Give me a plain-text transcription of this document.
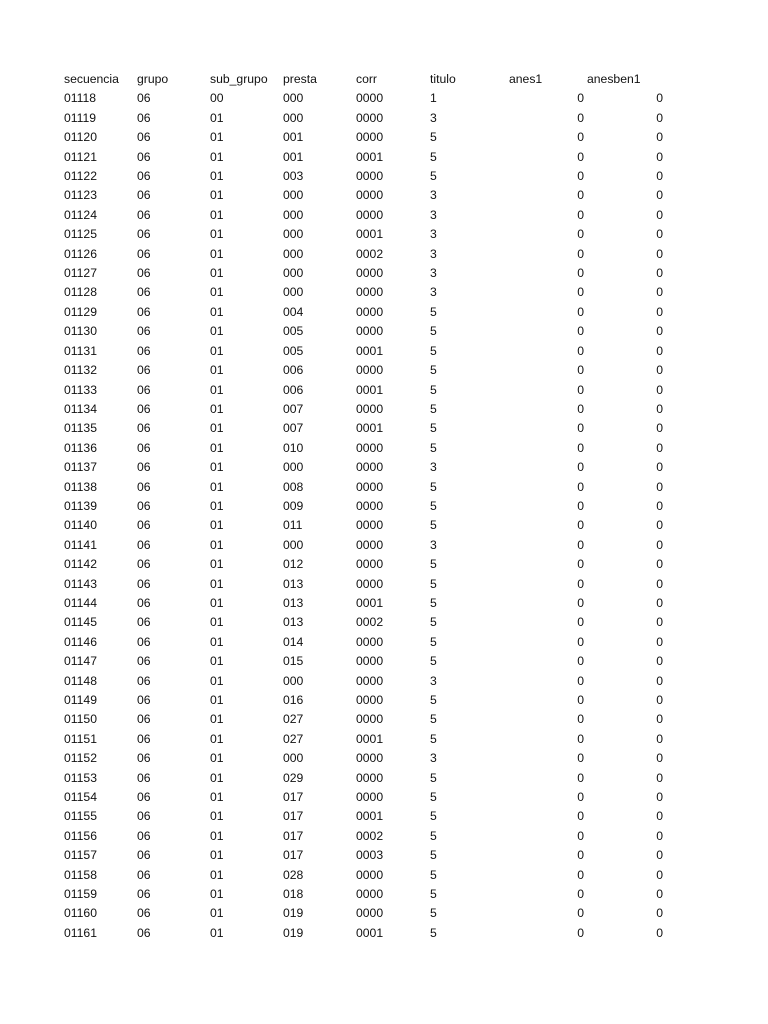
secuencia	grupo	sub_grupo	presta	corr	titulo	anes1	anesben1
01118	06	00	000	0000	1	0	0
01119	06	01	000	0000	3	0	0
01120	06	01	001	0000	5	0	0
01121	06	01	001	0001	5	0	0
01122	06	01	003	0000	5	0	0
01123	06	01	000	0000	3	0	0
01124	06	01	000	0000	3	0	0
01125	06	01	000	0001	3	0	0
01126	06	01	000	0002	3	0	0
01127	06	01	000	0000	3	0	0
01128	06	01	000	0000	3	0	0
01129	06	01	004	0000	5	0	0
01130	06	01	005	0000	5	0	0
01131	06	01	005	0001	5	0	0
01132	06	01	006	0000	5	0	0
01133	06	01	006	0001	5	0	0
01134	06	01	007	0000	5	0	0
01135	06	01	007	0001	5	0	0
01136	06	01	010	0000	5	0	0
01137	06	01	000	0000	3	0	0
01138	06	01	008	0000	5	0	0
01139	06	01	009	0000	5	0	0
01140	06	01	011	0000	5	0	0
01141	06	01	000	0000	3	0	0
01142	06	01	012	0000	5	0	0
01143	06	01	013	0000	5	0	0
01144	06	01	013	0001	5	0	0
01145	06	01	013	0002	5	0	0
01146	06	01	014	0000	5	0	0
01147	06	01	015	0000	5	0	0
01148	06	01	000	0000	3	0	0
01149	06	01	016	0000	5	0	0
01150	06	01	027	0000	5	0	0
01151	06	01	027	0001	5	0	0
01152	06	01	000	0000	3	0	0
01153	06	01	029	0000	5	0	0
01154	06	01	017	0000	5	0	0
01155	06	01	017	0001	5	0	0
01156	06	01	017	0002	5	0	0
01157	06	01	017	0003	5	0	0
01158	06	01	028	0000	5	0	0
01159	06	01	018	0000	5	0	0
01160	06	01	019	0000	5	0	0
01161	06	01	019	0001	5	0	0
